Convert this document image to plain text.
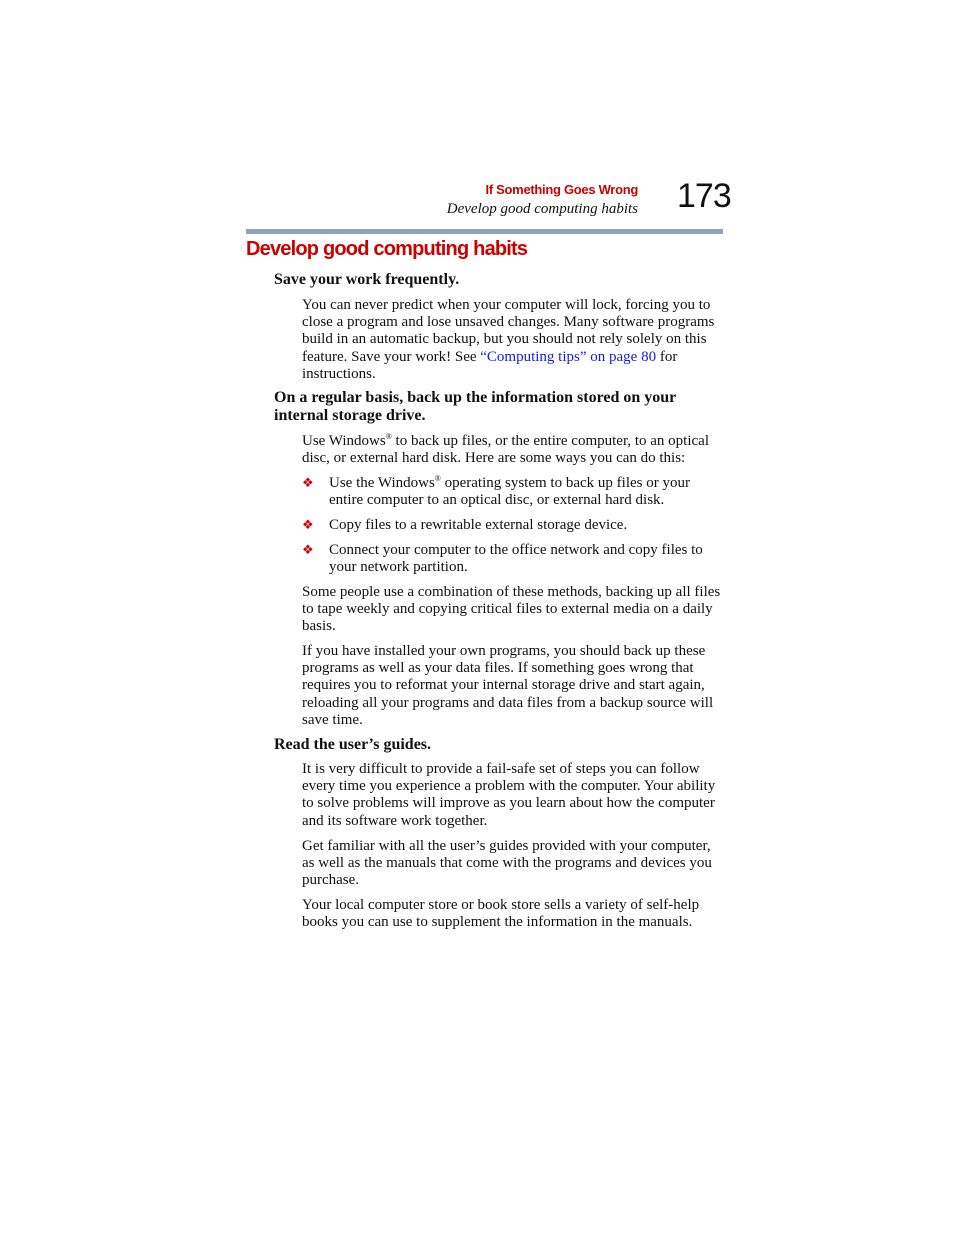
If Something Goes Wrong
Develop good computing habits 173
Develop good computing habits

Save your work frequently.

You can never predict when your computer will lock, forcing you to close a program and lose unsaved changes. Many software programs build in an automatic backup, but you should not rely solely on this feature. Save your work! See “Computing tips” on page 80 for instructions.

On a regular basis, back up the information stored on your internal storage drive.

Use Windows® to back up files, or the entire computer, to an optical disc, or external hard disk. Here are some ways you can do this:

❖ Use the Windows® operating system to back up files or your entire computer to an optical disc, or external hard disk.
❖ Copy files to a rewritable external storage device.
❖ Connect your computer to the office network and copy files to your network partition.

Some people use a combination of these methods, backing up all files to tape weekly and copying critical files to external media on a daily basis.

If you have installed your own programs, you should back up these programs as well as your data files. If something goes wrong that requires you to reformat your internal storage drive and start again, reloading all your programs and data files from a backup source will save time.

Read the user’s guides.

It is very difficult to provide a fail-safe set of steps you can follow every time you experience a problem with the computer. Your ability to solve problems will improve as you learn about how the computer and its software work together.

Get familiar with all the user’s guides provided with your computer, as well as the manuals that come with the programs and devices you purchase.

Your local computer store or book store sells a variety of self-help books you can use to supplement the information in the manuals.
